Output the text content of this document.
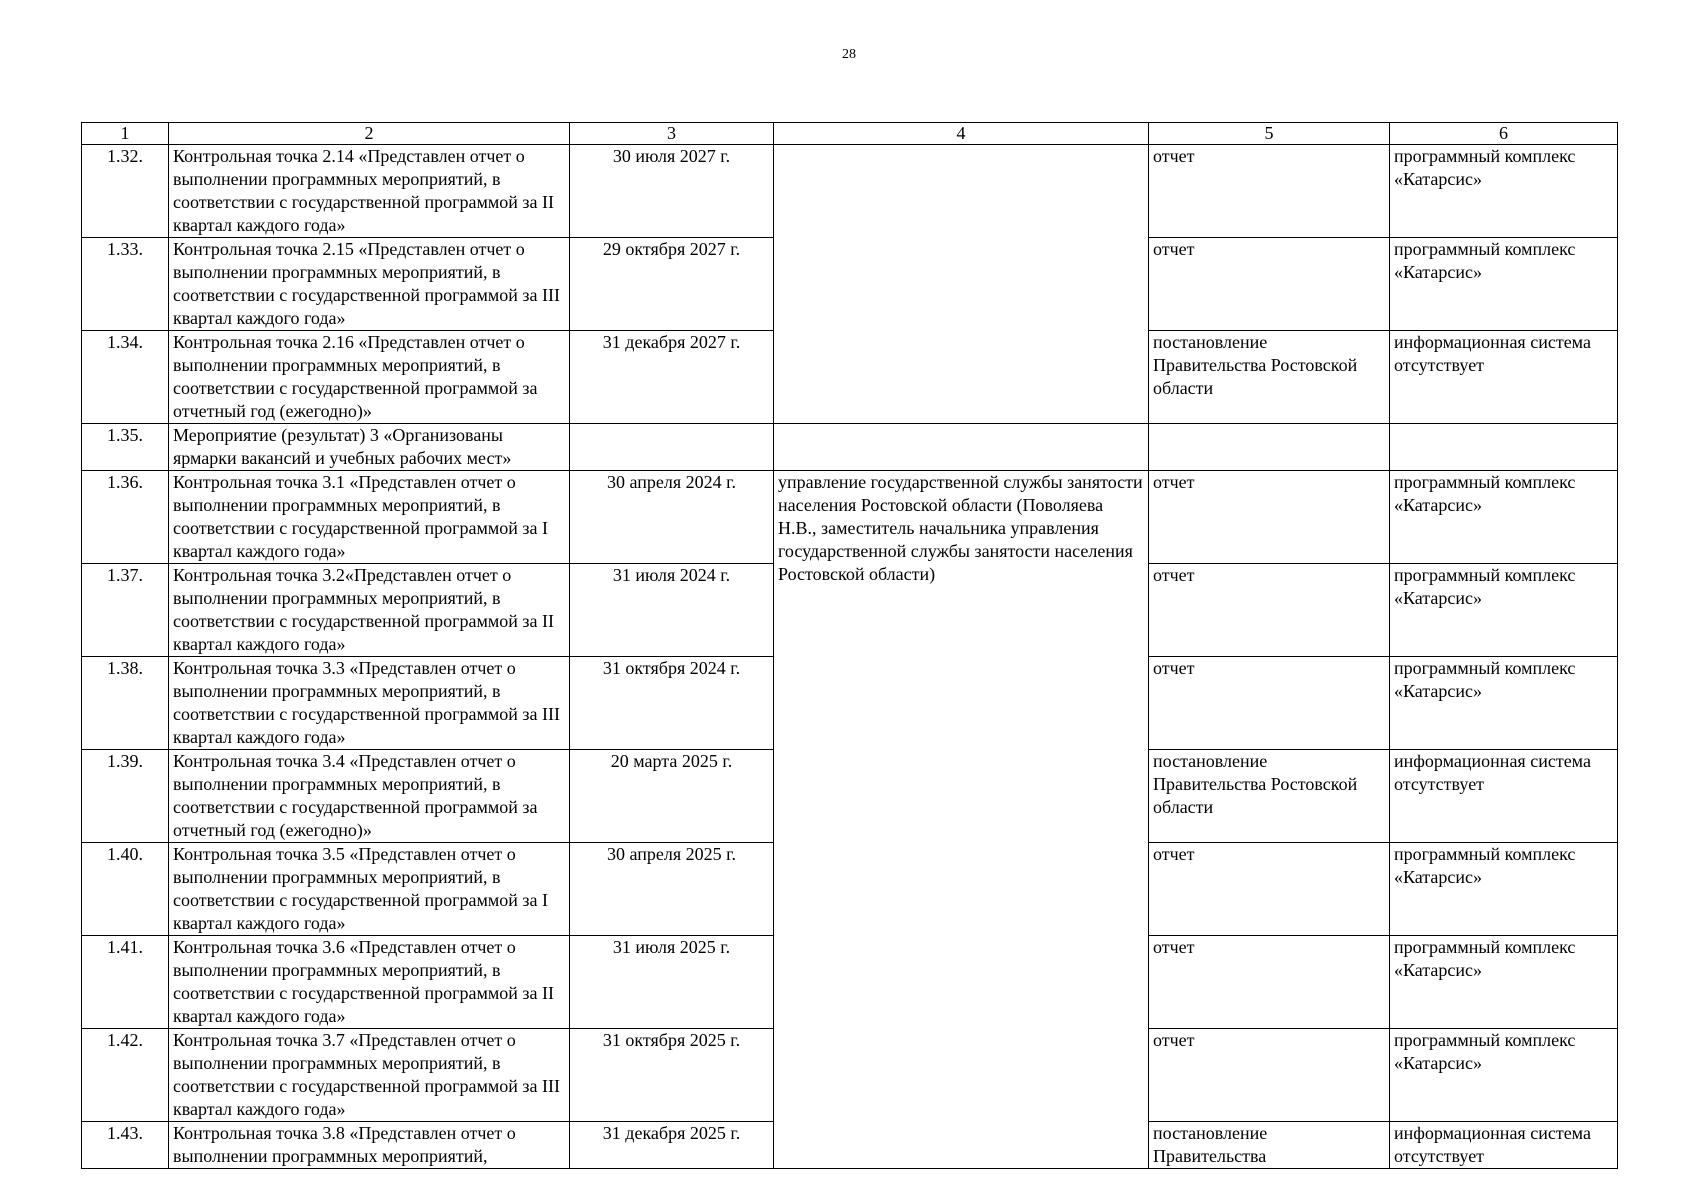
28
1	2	3	4	5	6
1.32.	Контрольная точка 2.14 «Представлен отчет о выполнении программных мероприятий, в соответствии с государственной программой за II квартал каждого года»	30 июля 2027 г.		отчет	программный комплекс «Катарсис»
1.33.	Контрольная точка 2.15 «Представлен отчет о выполнении программных мероприятий, в соответствии с государственной программой за III квартал каждого года»	29 октября 2027 г.		отчет	программный комплекс «Катарсис»
1.34.	Контрольная точка 2.16 «Представлен отчет о выполнении программных мероприятий, в соответствии с государственной программой за отчетный год (ежегодно)»	31 декабря 2027 г.		постановление Правительства Ростовской области	информационная система отсутствует
1.35.	Мероприятие (результат) 3 «Организованы ярмарки вакансий и учебных рабочих мест»				
1.36.	Контрольная точка 3.1 «Представлен отчет о выполнении программных мероприятий, в соответствии с государственной программой за I квартал каждого года»	30 апреля 2024 г.	управление государственной службы занятости населения Ростовской области (Поволяева Н.В., заместитель начальника управления государственной службы занятости населения Ростовской области)	отчет	программный комплекс «Катарсис»
1.37.	Контрольная точка 3.2«Представлен отчет о выполнении программных мероприятий, в соответствии с государственной программой за II квартал каждого года»	31 июля 2024 г.		отчет	программный комплекс «Катарсис»
1.38.	Контрольная точка 3.3 «Представлен отчет о выполнении программных мероприятий, в соответствии с государственной программой за III квартал каждого года»	31 октября 2024 г.		отчет	программный комплекс «Катарсис»
1.39.	Контрольная точка 3.4 «Представлен отчет о выполнении программных мероприятий, в соответствии с государственной программой за отчетный год (ежегодно)»	20 марта 2025 г.		постановление Правительства Ростовской области	информационная система отсутствует
1.40.	Контрольная точка 3.5 «Представлен отчет о выполнении программных мероприятий, в соответствии с государственной программой за I квартал каждого года»	30 апреля 2025 г.		отчет	программный комплекс «Катарсис»
1.41.	Контрольная точка 3.6 «Представлен отчет о выполнении программных мероприятий, в соответствии с государственной программой за II квартал каждого года»	31 июля 2025 г.		отчет	программный комплекс «Катарсис»
1.42.	Контрольная точка 3.7 «Представлен отчет о выполнении программных мероприятий, в соответствии с государственной программой за III квартал каждого года»	31 октября 2025 г.		отчет	программный комплекс «Катарсис»
1.43.	Контрольная точка 3.8 «Представлен отчет о выполнении программных мероприятий,	31 декабря 2025 г.		постановление Правительства	информационная система отсутствует
